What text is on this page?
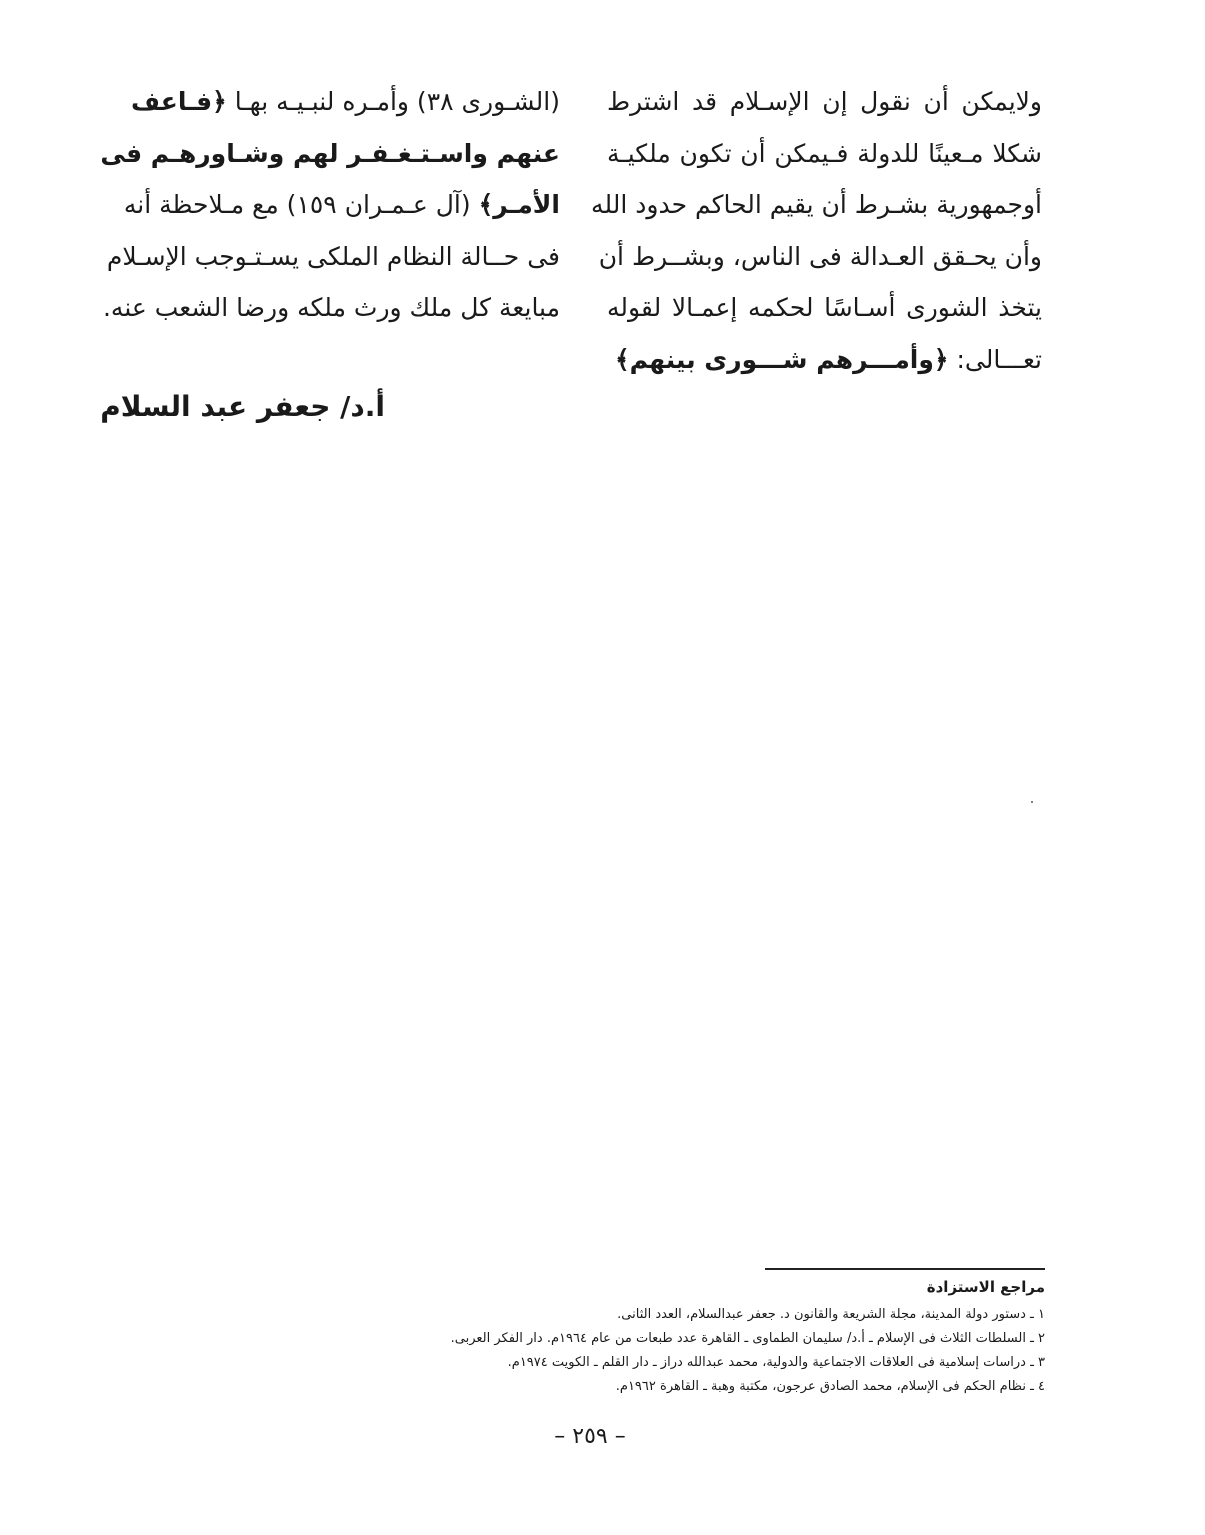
ولايمكن أن نقول إن الإسـلام قد اشترط
شكلا مـعينًا للدولة فـيمكن أن تكون ملكيـة
أوجمهورية بشـرط أن يقيم الحاكم حدود الله
وأن يحـقق العـدالة فى الناس، وبشــرط أن
يتخذ الشورى أسـاسًا لحكمه إعمـالا لقوله
تعـــالى: ﴿وأمـــرهم شـــورى بينهم﴾
(الشـورى ٣٨) وأمـره لنبـيـه بهـا ﴿فـاعف
عنهم واسـتـغـفـر لهم وشـاورهـم فى
الأمـر﴾ (آل عـمـران ١٥٩) مع مـلاحظة أنه
فى حــالة النظام الملكى يسـتـوجب الإسـلام
مبايعة كل ملك ورث ملكه ورضا الشعب عنه.
أ.د/ جعفر عبد السلام
مراجع الاستزادة
١ ـ دستور دولة المدينة، مجلة الشريعة والقانون د. جعفر عبدالسلام، العدد الثانى.
٢ ـ السلطات الثلاث فى الإسلام ـ أ.د/ سليمان الطماوى ـ القاهرة عدد طبعات من عام ١٩٦٤م. دار الفكر العربى.
٣ ـ دراسات إسلامية فى العلاقات الاجتماعية والدولية، محمد عبدالله دراز ـ دار القلم ـ الكويت ١٩٧٤م.
٤ ـ نظام الحكم فى الإسلام، محمد الصادق عرجون، مكتبة وهبة ـ القاهرة ١٩٦٢م.
– ٢٥٩ –
